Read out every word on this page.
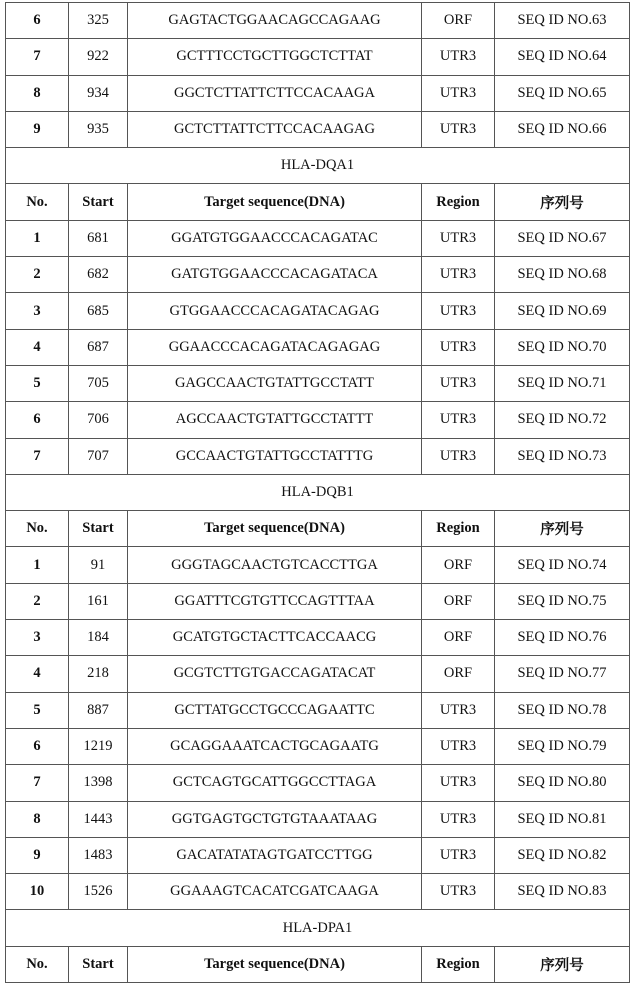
6	325	GAGTACTGGAACAGCCAGAAG	ORF	SEQ ID NO.63
7	922	GCTTTCCTGCTTGGCTCTTAT	UTR3	SEQ ID NO.64
8	934	GGCTCTTATTCTTCCACAAGA	UTR3	SEQ ID NO.65
9	935	GCTCTTATTCTTCCACAAGAG	UTR3	SEQ ID NO.66
HLA-DQA1
No.	Start	Target sequence(DNA)	Region	序列号
1	681	GGATGTGGAACCCACAGATAC	UTR3	SEQ ID NO.67
2	682	GATGTGGAACCCACAGATACA	UTR3	SEQ ID NO.68
3	685	GTGGAACCCACAGATACAGAG	UTR3	SEQ ID NO.69
4	687	GGAACCCACAGATACAGAGAG	UTR3	SEQ ID NO.70
5	705	GAGCCAACTGTATTGCCTATT	UTR3	SEQ ID NO.71
6	706	AGCCAACTGTATTGCCTATTT	UTR3	SEQ ID NO.72
7	707	GCCAACTGTATTGCCTATTTG	UTR3	SEQ ID NO.73
HLA-DQB1
No.	Start	Target sequence(DNA)	Region	序列号
1	91	GGGTAGCAACTGTCACCTTGA	ORF	SEQ ID NO.74
2	161	GGATTTCGTGTTCCAGTTTAA	ORF	SEQ ID NO.75
3	184	GCATGTGCTACTTCACCAACG	ORF	SEQ ID NO.76
4	218	GCGTCTTGTGACCAGATACAT	ORF	SEQ ID NO.77
5	887	GCTTATGCCTGCCCAGAATTC	UTR3	SEQ ID NO.78
6	1219	GCAGGAAATCACTGCAGAATG	UTR3	SEQ ID NO.79
7	1398	GCTCAGTGCATTGGCCTTAGA	UTR3	SEQ ID NO.80
8	1443	GGTGAGTGCTGTGTAAATAAG	UTR3	SEQ ID NO.81
9	1483	GACATATATAGTGATCCTTGG	UTR3	SEQ ID NO.82
10	1526	GGAAAGTCACATCGATCAAGA	UTR3	SEQ ID NO.83
HLA-DPA1
No.	Start	Target sequence(DNA)	Region	序列号
